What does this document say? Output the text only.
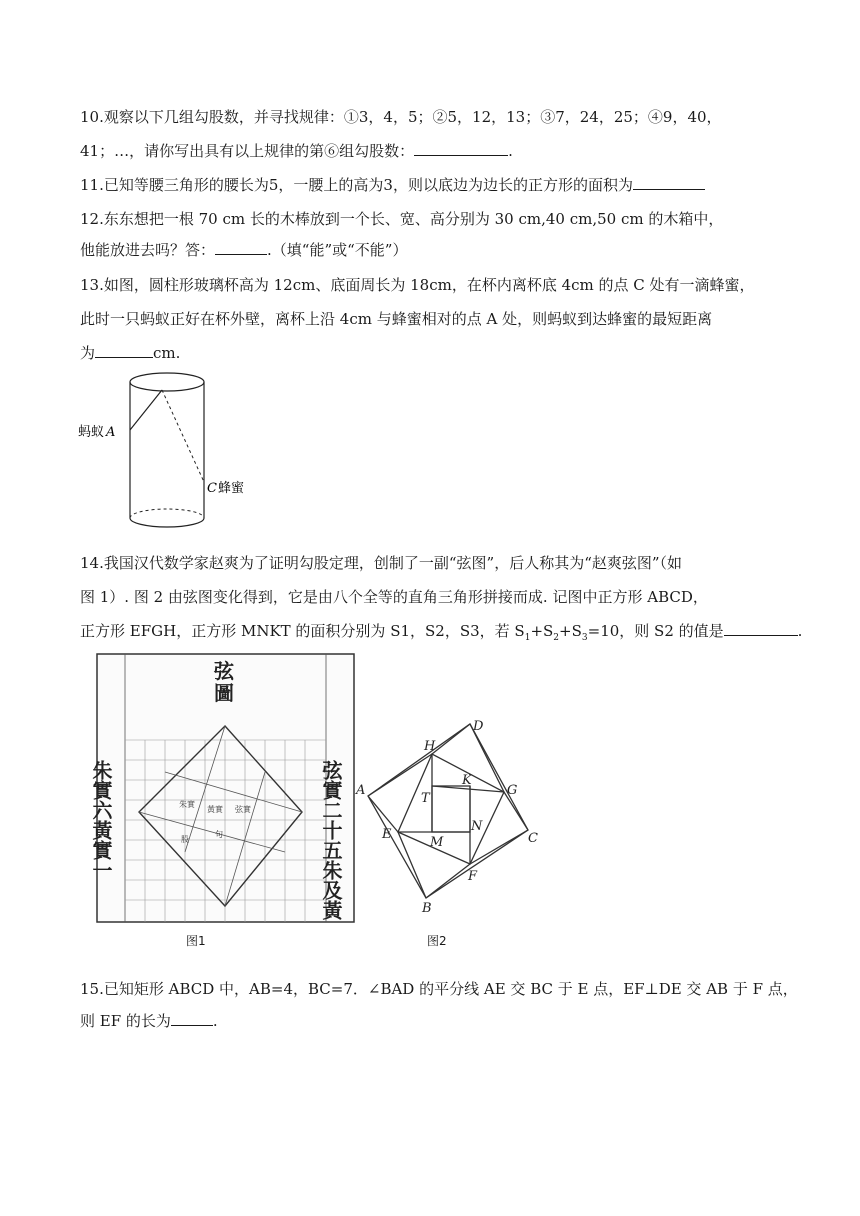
10.观察以下几组勾股数，并寻找规律：①3，4，5；②5，12，13；③7，24，25；④9，40，
41；…，请你写出具有以上规律的第⑥组勾股数：	.
11.已知等腰三角形的腰长为5，一腰上的高为3，则以底边为边长的正方形的面积为
12.东东想把一根 70 cm 长的木棒放到一个长、宽、高分别为 30 cm,40 cm,50 cm 的木箱中，
他能放进去吗？答：	.（填“能”或“不能”）
13.如图，圆柱形玻璃杯高为 12cm、底面周长为 18cm，在杯内离杯底 4cm 的点 C 处有一滴蜂蜜，
此时一只蚂蚁正好在杯外壁，离杯上沿 4cm 与蜂蜜相对的点 A 处，则蚂蚁到达蜂蜜的最短距离
为	cm.
蚂蚁 A
C 蜂蜜
14.我国汉代数学家赵爽为了证明勾股定理，创制了一副“弦图”，后人称其为“赵爽弦图”（如
图 1）. 图 2 由弦图变化得到，它是由八个全等的直角三角形拼接而成. 记图中正方形 ABCD，
正方形 EFGH，正方形 MNKT 的面积分别为 S1，S2，S3，若 $S_1+S_2+S_3=10$，则 S2 的值是	.
朱實
黃實 弦實
股
句
弦
圖
朱實六黃實一	弦實二十五朱及黃
图1
A
B
C
D
E
F
G
H
K
M
N
T
图2
15.已知矩形 ABCD 中，AB=4，BC=7．∠BAD 的平分线 AE 交 BC 于 E 点，EF⊥DE 交 AB 于 F 点，
则 EF 的长为	.
